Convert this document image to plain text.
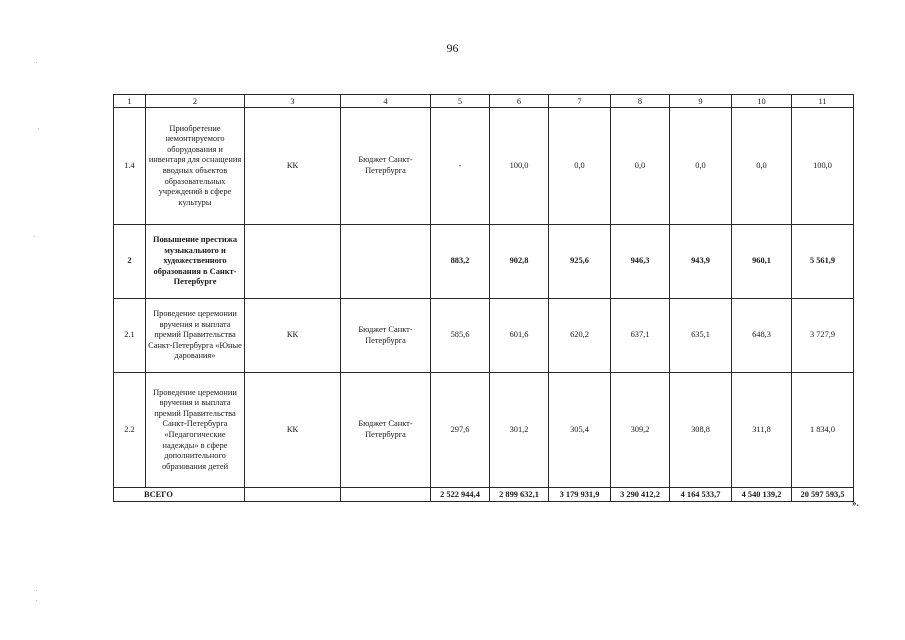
96
1	2	3	4	5	6	7	8	9	10	11
1.4	Приобретение немонтируемого оборудования и инвентаря для оснащения вводных объектов образовательных учреждений в сфере культуры	КК	Бюджет Санкт-Петербурга	-	100,0	0,0	0,0	0,0	0,0	100,0
2	Повышение престижа музыкального и художественного образования в Санкт-Петербурге			883,2	902,8	925,6	946,3	943,9	960,1	5 561,9
2.1	Проведение церемонии вручения и выплата премий Правительства Санкт-Петербурга «Юные дарования»	КК	Бюджет Санкт-Петербурга	585,6	601,6	620,2	637,1	635,1	648,3	3 727,9
2.2	Проведение церемонии вручения и выплата премий Правительства Санкт-Петербурга «Педагогические надежды» в сфере дополнительного образования детей	КК	Бюджет Санкт-Петербурга	297,6	301,2	305,4	309,2	308,8	311,8	1 834,0
ВСЕГО				2 522 944,4	2 899 632,1	3 179 931,9	3 290 412,2	4 164 533,7	4 540 139,2	20 597 593,5
».
